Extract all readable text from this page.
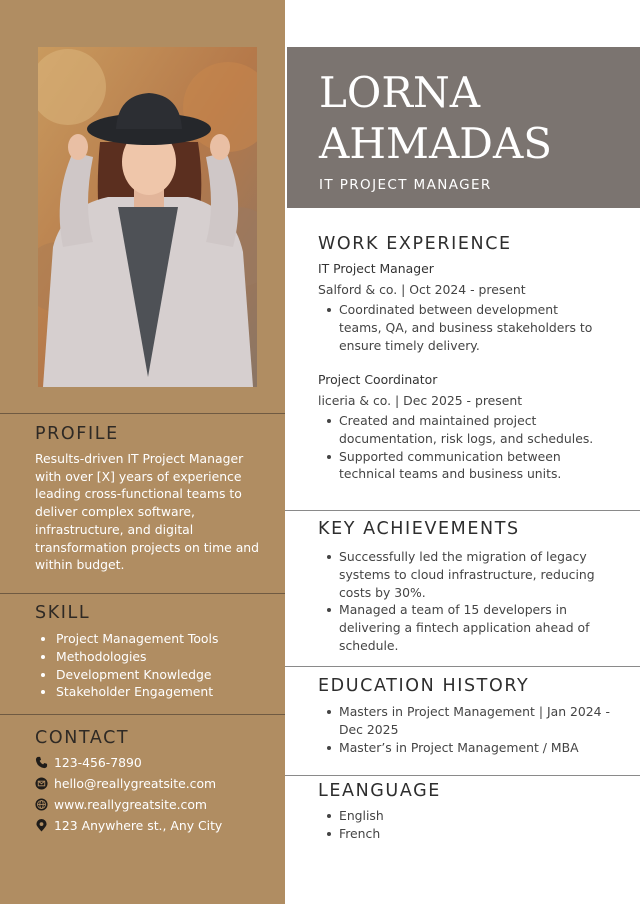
PROFILE

Results-driven IT Project Manager with over [X] years of experience leading cross-functional teams to deliver complex software, infrastructure, and digital transformation projects on time and within budget.

SKILL
Project Management Tools
Methodologies
Development Knowledge
Stakeholder Engagement
CONTACT
123-456-7890
hello@reallygreatsite.com
www.reallygreatsite.com
123 Anywhere st., Any City
LORNA
AHMADAS
IT PROJECT MANAGER
WORK EXPERIENCE
IT Project Manager
Salford & co. | Oct 2024 - present
Coordinated between development teams, QA, and business stakeholders to ensure timely delivery.
Project Coordinator
liceria & co. | Dec 2025 - present
Created and maintained project documentation, risk logs, and schedules.
Supported communication between technical teams and business units.
KEY ACHIEVEMENTS
Successfully led the migration of legacy systems to cloud infrastructure, reducing costs by 30%.
Managed a team of 15 developers in delivering a fintech application ahead of schedule.
EDUCATION HISTORY
Masters in Project Management | Jan 2024 - Dec 2025
Master’s in Project Management / MBA
LEANGUAGE
English
French
